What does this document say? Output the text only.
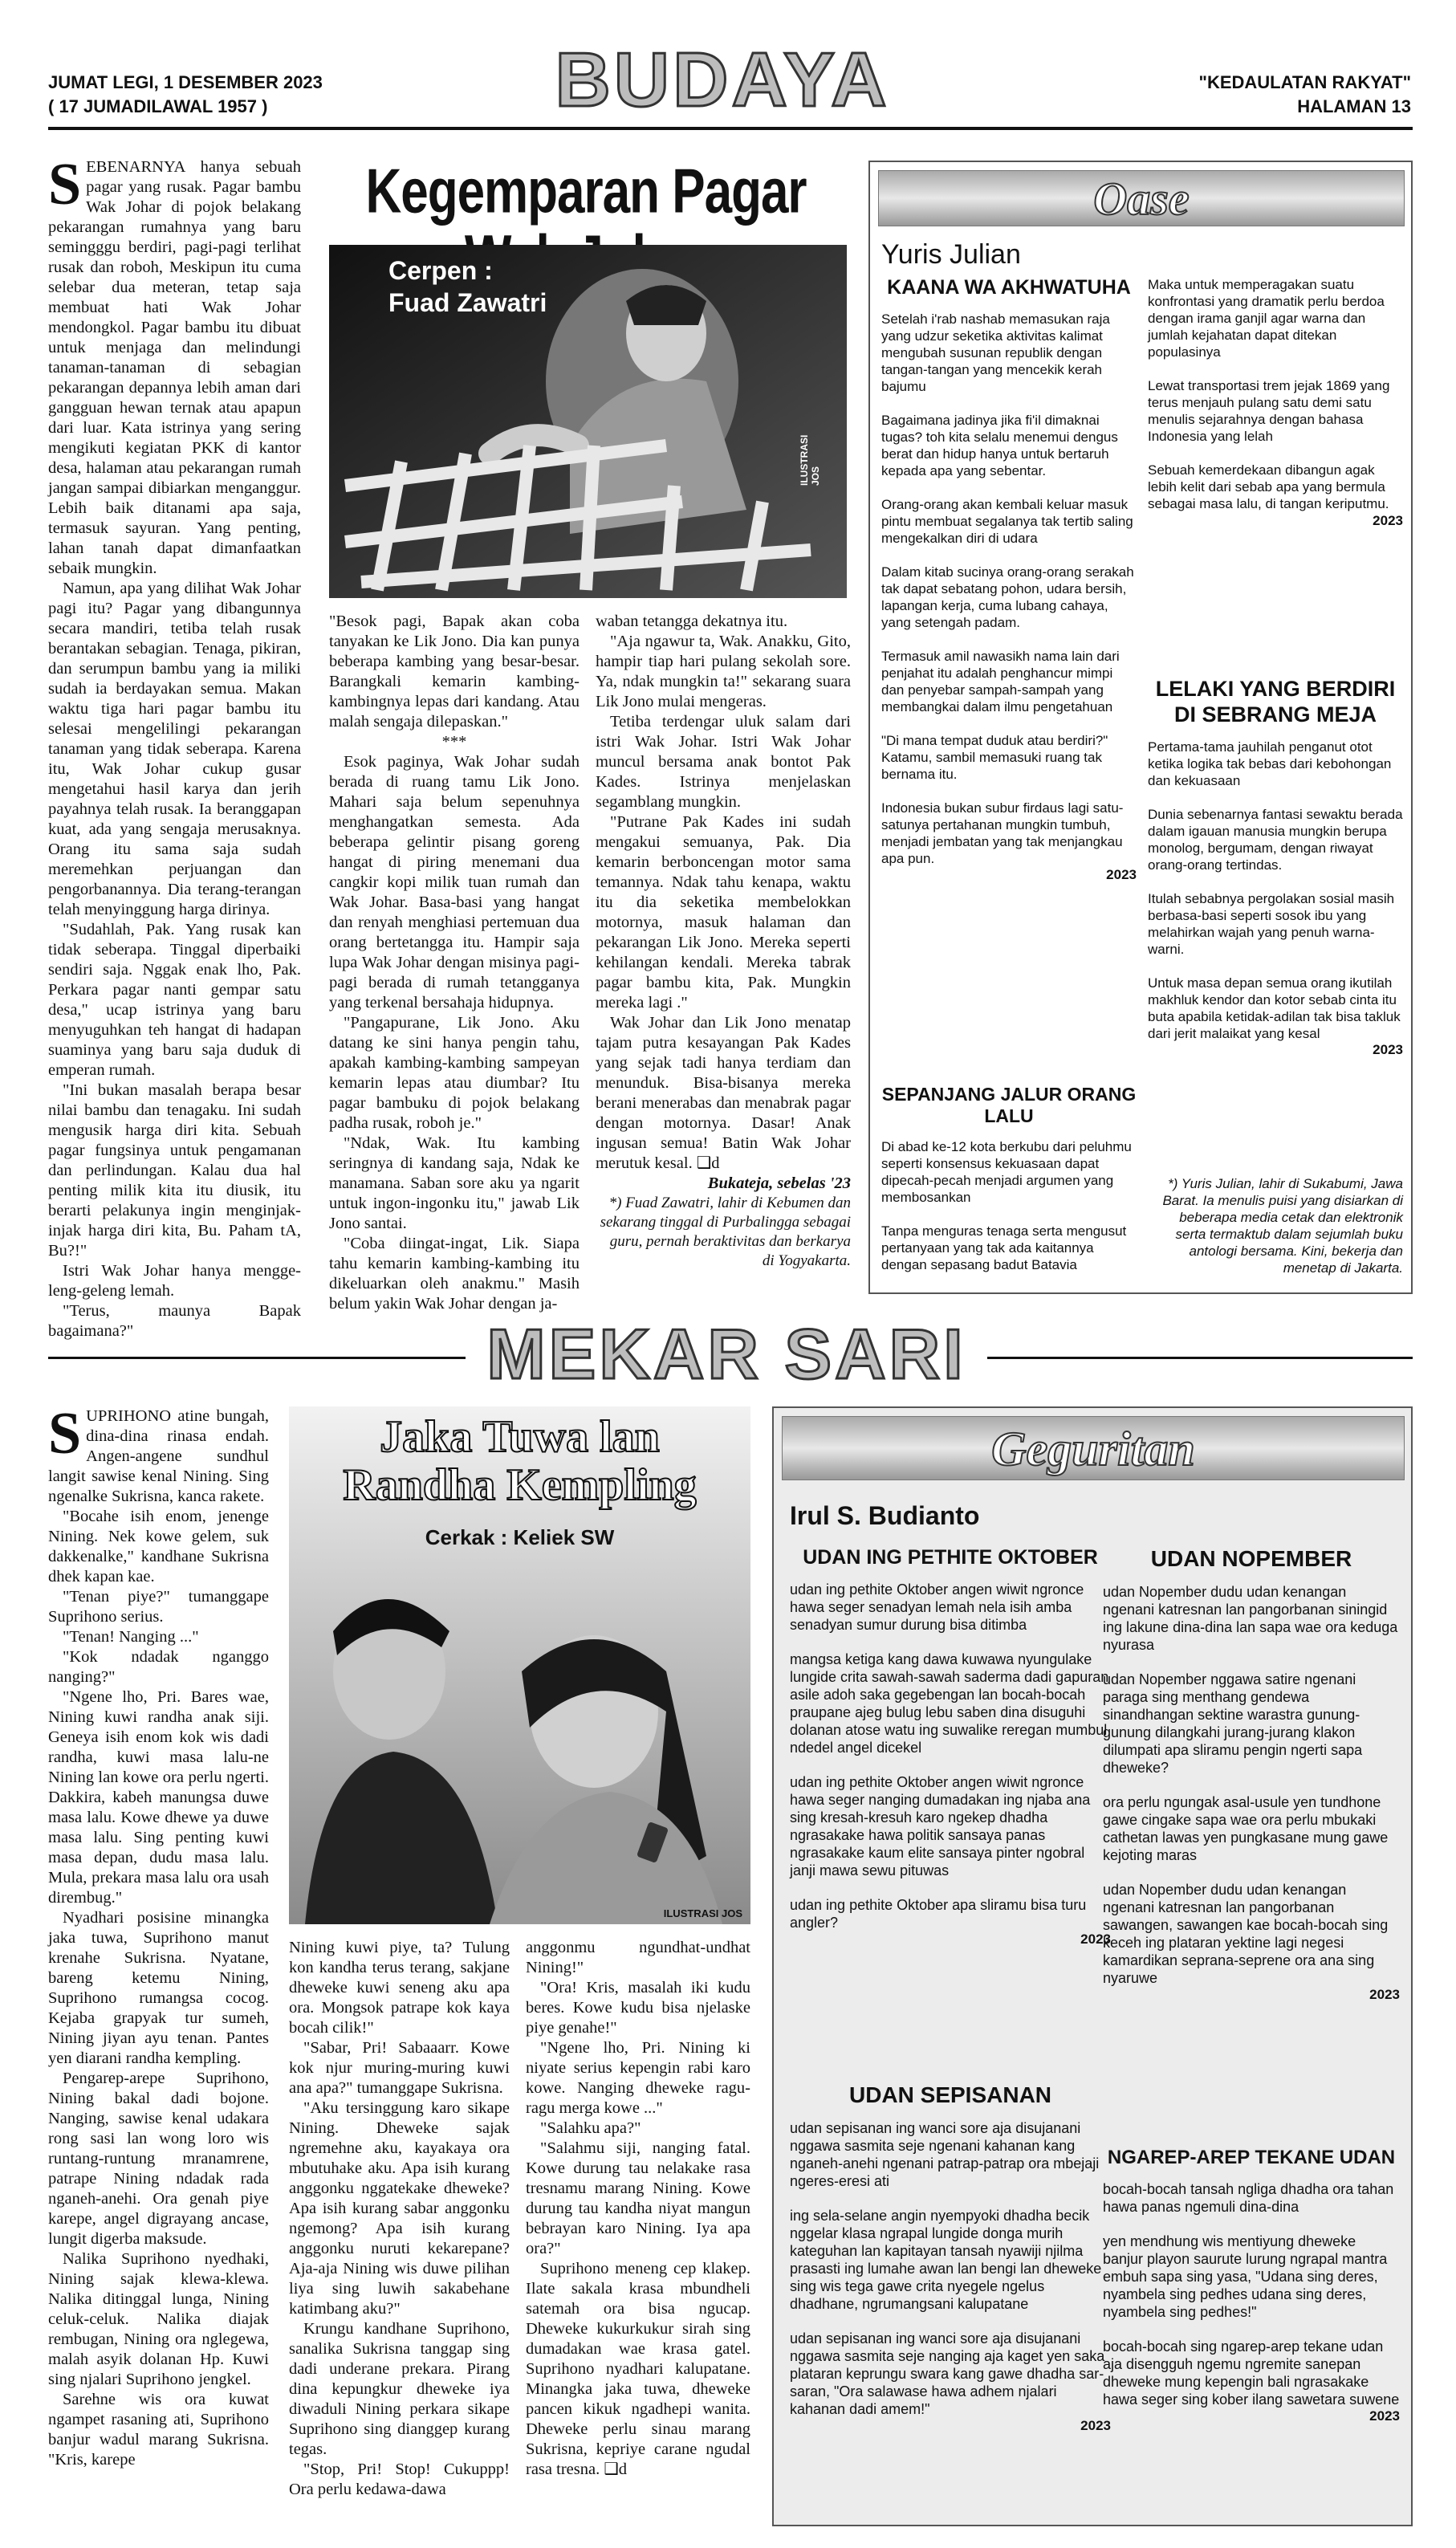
JUMAT LEGI, 1 DESEMBER 2023
( 17 JUMADILAWAL 1957 )	BUDAYA	"KEDAULATAN RAKYAT"
HALAMAN 13

SEBENARNYA hanya sebuah pagar yang rusak. Pagar bambu Wak Johar di pojok belakang pekarangan rumahnya yang baru semingggu berdiri, pagi-pagi terlihat rusak dan roboh, Meskipun itu cuma selebar dua meteran, tetap saja membuat hati Wak Johar mendongkol. Pagar bambu itu dibuat untuk menjaga dan melindungi tanaman-tanaman di sebagian pekarangan depannya lebih aman dari gangguan hewan ternak atau apapun dari luar. Kata istrinya yang sering mengikuti kegiatan PKK di kantor desa, halaman atau pekarangan rumah jangan sampai dibiarkan menganggur. Lebih baik ditanami apa saja, termasuk sayuran. Yang penting, lahan tanah dapat dimanfaatkan sebaik mungkin.

Namun, apa yang dilihat Wak Johar pagi itu? Pagar yang dibangunnya secara mandiri, tetiba telah rusak berantakan sebagian. Tenaga, pikiran, dan serumpun bambu yang ia miliki sudah ia berdayakan semua. Makan waktu tiga hari pagar bambu itu selesai mengelilingi pekarangan tanaman yang tidak seberapa. Karena itu, Wak Johar cukup gusar mengetahui hasil karya dan jerih payahnya telah rusak. Ia beranggapan kuat, ada yang sengaja merusaknya. Orang itu sama saja sudah meremehkan perjuangan dan pengorbanannya. Dia terang-terangan telah menyinggung harga dirinya.

"Sudahlah, Pak. Yang rusak kan tidak seberapa. Tinggal diperbaiki sendiri saja. Nggak enak lho, Pak. Perkara pagar nanti gempar satu desa," ucap istrinya yang baru menyuguhkan teh hangat di hadapan suaminya yang baru saja duduk di emperan rumah.

"Ini bukan masalah berapa besar nilai bambu dan tenagaku. Ini sudah mengusik harga diri kita. Sebuah pagar fungsinya untuk pengamanan dan perlindungan. Kalau dua hal penting milik kita itu diusik, itu berarti pelakunya ingin menginjak-injak harga diri kita, Bu. Paham tA, Bu?!"

Istri Wak Johar hanya mengge-leng-geleng lemah.

"Terus, maunya Bapak bagaimana?"

Kegemparan Pagar
Cerpen :
Fuad Zawatri
ILUSTRASI JOS

"Besok pagi, Bapak akan coba tanyakan ke Lik Jono. Dia kan punya beberapa kambing yang besar-besar. Barangkali kemarin kambing-kambingnya lepas dari kandang. Atau malah sengaja dilepaskan."

***

Esok paginya, Wak Johar sudah berada di ruang tamu Lik Jono. Mahari saja belum sepenuhnya menghangatkan semesta. Ada beberapa gelintir pisang goreng hangat di piring menemani dua cangkir kopi milik tuan rumah dan Wak Johar. Basa-basi yang hangat dan renyah menghiasi pertemuan dua orang bertetangga itu. Hampir saja lupa Wak Johar dengan misinya pagi-pagi berada di rumah tetangganya yang terkenal bersahaja hidupnya.

"Pangapurane, Lik Jono. Aku datang ke sini hanya pengin tahu, apakah kambing-kambing sampeyan kemarin lepas atau diumbar? Itu pagar bambuku di pojok belakang padha rusak, roboh je."

"Ndak, Wak. Itu kambing seringnya di kandang saja, Ndak ke manamana. Saban sore aku ya ngarit untuk ingon-ingonku itu," jawab Lik Jono santai.

"Coba diingat-ingat, Lik. Siapa tahu kemarin kambing-kambing itu dikeluarkan oleh anakmu." Masih belum yakin Wak Johar dengan ja-

waban tetangga dekatnya itu.

"Aja ngawur ta, Wak. Anakku, Gito, hampir tiap hari pulang sekolah sore. Ya, ndak mungkin ta!" sekarang suara Lik Jono mulai mengeras.

Tetiba terdengar uluk salam dari istri Wak Johar. Istri Wak Johar muncul bersama anak bontot Pak Kades. Istrinya menjelaskan segamblang mungkin.

"Putrane Pak Kades ini sudah mengakui semuanya, Pak. Dia kemarin berboncengan motor sama temannya. Ndak tahu kenapa, waktu itu dia seketika membelokkan motornya, masuk halaman dan pekarangan Lik Jono. Mereka seperti kehilangan kendali. Mereka tabrak pagar bambu kita, Pak. Mungkin mereka lagi ."

Wak Johar dan Lik Jono menatap tajam putra kesayangan Pak Kades yang sejak tadi hanya terdiam dan menunduk. Bisa-bisanya mereka berani menerabas dan menabrak pagar dengan motornya. Dasar! Anak ingusan semua! Batin Wak Johar merutuk kesal. ❑d

Bukateja, sebelas '23
*) Fuad Zawatri, lahir di Kebumen dan sekarang tinggal di Purbalingga sebagai guru, pernah beraktivitas dan berkarya di Yogyakarta.
Oase
Yuris Julian
KAANA WA AKHWATUHA

Setelah i'rab nashab memasukan raja yang udzur seketika aktivitas kalimat mengubah susunan republik dengan tangan-tangan yang mencekik kerah bajumu

Bagaimana jadinya jika fi'il dimaknai tugas? toh kita selalu menemui dengus berat dan hidup hanya untuk bertaruh kepada apa yang sebentar.

Orang-orang akan kembali keluar masuk pintu membuat segalanya tak tertib saling mengekalkan diri di udara

Dalam kitab sucinya orang-orang serakah tak dapat sebatang pohon, udara bersih, lapangan kerja, cuma lubang cahaya, yang setengah padam.

Termasuk amil nawasikh nama lain dari penjahat itu adalah penghancur mimpi dan penyebar sampah-sampah yang membangkai dalam ilmu pengetahuan

"Di mana tempat duduk atau berdiri?" Katamu, sambil memasuki ruang tak bernama itu.

Indonesia bukan subur firdaus lagi satu-satunya pertahanan mungkin tumbuh, menjadi jembatan yang tak menjangkau apa pun.

2023
SEPANJANG JALUR ORANG LALU

Di abad ke-12 kota berkubu dari peluhmu seperti konsensus kekuasaan dapat dipecah-pecah menjadi argumen yang membosankan

Tanpa menguras tenaga serta mengusut pertanyaan yang tak ada kaitannya dengan sepasang badut Batavia

Maka untuk memperagakan suatu konfrontasi yang dramatik perlu berdoa dengan irama ganjil agar warna dan jumlah kejahatan dapat ditekan populasinya

Lewat transportasi trem jejak 1869 yang terus menjauh pulang satu demi satu menulis sejarahnya dengan bahasa Indonesia yang lelah

Sebuah kemerdekaan dibangun agak lebih kelit dari sebab apa yang bermula sebagai masa lalu, di tangan keriputmu.

2023
LELAKI YANG BERDIRI DI SEBRANG MEJA

Pertama-tama jauhilah penganut otot ketika logika tak bebas dari kebohongan dan kekuasaan

Dunia sebenarnya fantasi sewaktu berada dalam igauan manusia mungkin berupa monolog, bergumam, dengan riwayat orang-orang tertindas.

Itulah sebabnya pergolakan sosial masih berbasa-basi seperti sosok ibu yang melahirkan wajah yang penuh warna-warni.

Untuk masa depan semua orang ikutilah makhluk kendor dan kotor sebab cinta itu buta apabila ketidak-adilan tak bisa takluk dari jerit malaikat yang kesal

2023
*) Yuris Julian, lahir di Sukabumi, Jawa Barat. Ia menulis puisi yang disiarkan di beberapa media cetak dan elektronik serta termaktub dalam sejumlah buku antologi bersama. Kini, bekerja dan menetap di Jakarta.
MEKAR SARI

SUPRIHONO atine bungah, dina-dina rinasa endah. Angen-angene sundhul langit sawise kenal Nining. Sing ngenalke Sukrisna, kanca rakete.

"Bocahe isih enom, jenenge Nining. Nek kowe gelem, suk dakkenalke," kandhane Sukrisna dhek kapan kae.

"Tenan piye?" tumanggape Suprihono serius.

"Tenan! Nanging ..."

"Kok ndadak nganggo nanging?"

"Ngene lho, Pri. Bares wae, Nining kuwi randha anak siji. Geneya isih enom kok wis dadi randha, kuwi masa lalu-ne Nining lan kowe ora perlu ngerti. Dakkira, kabeh manungsa duwe masa lalu. Kowe dhewe ya duwe masa lalu. Sing penting kuwi masa depan, dudu masa lalu. Mula, prekara masa lalu ora usah dirembug."

Nyadhari posisine minangka jaka tuwa, Suprihono manut krenahe Sukrisna. Nyatane, bareng ketemu Nining, Suprihono rumangsa cocog. Kejaba grapyak tur sumeh, Nining jiyan ayu tenan. Pantes yen diarani randha kempling.

Pengarep-arepe Suprihono, Nining bakal dadi bojone. Nanging, sawise kenal udakara rong sasi lan wong loro wis runtang-runtung mranamrene, patrape Nining ndadak rada nganeh-anehi. Ora genah piye karepe, angel digrayang ancase, lungit digerba maksude.

Nalika Suprihono nyedhaki, Nining sajak klewa-klewa. Nalika ditinggal lunga, Nining celuk-celuk. Nalika diajak rembugan, Nining ora nglegewa, malah asyik dolanan Hp. Kuwi sing njalari Suprihono jengkel.

Sarehne wis ora kuwat ngampet rasaning ati, Suprihono banjur wadul marang Sukrisna. "Kris, karepe

Jaka Tuwa lan
Randha Kempling
Cerkak : Keliek SW
ILUSTRASI JOS

Nining kuwi piye, ta? Tulung kon kandha terus terang, sakjane dheweke kuwi seneng aku apa ora. Mongsok patrape kok kaya bocah cilik!"

"Sabar, Pri! Sabaaarr. Kowe kok njur muring-muring kuwi ana apa?" tumanggape Sukrisna.

"Aku tersinggung karo sikape Nining. Dheweke sajak ngremehne aku, kayakaya ora mbutuhake aku. Apa isih kurang anggonku nggatekake dheweke? Apa isih kurang sabar anggonku ngemong? Apa isih kurang anggonku nuruti kekarepane? Aja-aja Nining wis duwe pilihan liya sing luwih sakabehane katimbang aku?"

Krungu kandhane Suprihono, sanalika Sukrisna tanggap sing dadi underane prekara. Pirang dina kepungkur dheweke iya diwaduli Nining perkara sikape Suprihono sing dianggep kurang tegas.

"Stop, Pri! Stop! Cukuppp! Ora perlu kedawa-dawa

anggonmu ngundhat-undhat Nining!"

"Ora! Kris, masalah iki kudu beres. Kowe kudu bisa njelaske piye genahe!"

"Ngene lho, Pri. Nining ki niyate serius kepengin rabi karo kowe. Nanging dheweke ragu-ragu merga kowe ..."

"Salahku apa?"

"Salahmu siji, nanging fatal. Kowe durung tau nelakake rasa tresnamu marang Nining. Kowe durung tau kandha niyat mangun bebrayan karo Nining. Iya apa ora?"

Suprihono meneng cep klakep. Ilate sakala krasa mbundheli satemah ora bisa ngucap. Dheweke kukurkukur sirah sing dumadakan wae krasa gatel. Suprihono nyadhari kalupatane. Minangka jaka tuwa, dheweke pancen kikuk ngadhepi wanita. Dheweke perlu sinau marang Sukrisna, kepriye carane ngudal rasa tresna. ❑d

Geguritan
Irul S. Budianto
UDAN ING PETHITE OKTOBER

udan ing pethite Oktober angen wiwit ngronce hawa seger senadyan lemah nela isih amba senadyan sumur durung bisa ditimba

mangsa ketiga kang dawa kuwawa nyungulake lungide crita sawah-sawah saderma dadi gapuran asile adoh saka gegebengan lan bocah-bocah praupane ajeg bulug lebu saben dina disuguhi dolanan atose watu ing suwalike reregan mumbul ndedel angel dicekel

udan ing pethite Oktober angen wiwit ngronce hawa seger nanging dumadakan ing njaba ana sing kresah-kresuh karo ngekep dhadha ngrasakake hawa politik sansaya panas ngrasakake kaum elite sansaya pinter ngobral janji mawa sewu pituwas

udan ing pethite Oktober apa sliramu bisa turu angler?

2023
UDAN SEPISANAN

udan sepisanan ing wanci sore aja disujanani nggawa sasmita seje ngenani kahanan kang nganeh-anehi ngenani patrap-patrap ora mbejaji ngeres-eresi ati

ing sela-selane angin nyempyoki dhadha becik nggelar klasa ngrapal lungide donga murih kateguhan lan kapitayan tansah nyawiji njilma prasasti ing lumahe awan lan bengi lan dheweke sing wis tega gawe crita nyegele ngelus dhadhane, ngrumangsani kalupatane

udan sepisanan ing wanci sore aja disujanani nggawa sasmita seje nanging aja kaget yen saka plataran keprungu swara kang gawe dhadha sar-saran, "Ora salawase hawa adhem njalari kahanan dadi amem!"

2023
UDAN NOPEMBER

udan Nopember dudu udan kenangan ngenani katresnan lan pangorbanan siningid ing lakune dina-dina lan sapa wae ora keduga nyurasa

udan Nopember nggawa satire ngenani paraga sing menthang gendewa sinandhangan sektine warastra gunung-gunung dilangkahi jurang-jurang klakon dilumpati apa sliramu pengin ngerti sapa dheweke?

ora perlu ngungak asal-usule yen tundhone gawe cingake sapa wae ora perlu mbukaki cathetan lawas yen pungkasane mung gawe kejoting maras

udan Nopember dudu udan kenangan ngenani katresnan lan pangorbanan sawangen, sawangen kae bocah-bocah sing keceh ing plataran yektine lagi negesi kamardikan seprana-seprene ora ana sing nyaruwe

2023
NGAREP-AREP TEKANE UDAN

bocah-bocah tansah ngliga dhadha ora tahan hawa panas ngemuli dina-dina

yen mendhung wis mentiyung dheweke banjur playon saurute lurung ngrapal mantra embuh sapa sing yasa, "Udana sing deres, nyambela sing pedhes udana sing deres, nyambela sing pedhes!"

bocah-bocah sing ngarep-arep tekane udan aja disengguh ngemu ngremite sanepan dheweke mung kepengin bali ngrasakake hawa seger sing kober ilang sawetara suwene

2023
